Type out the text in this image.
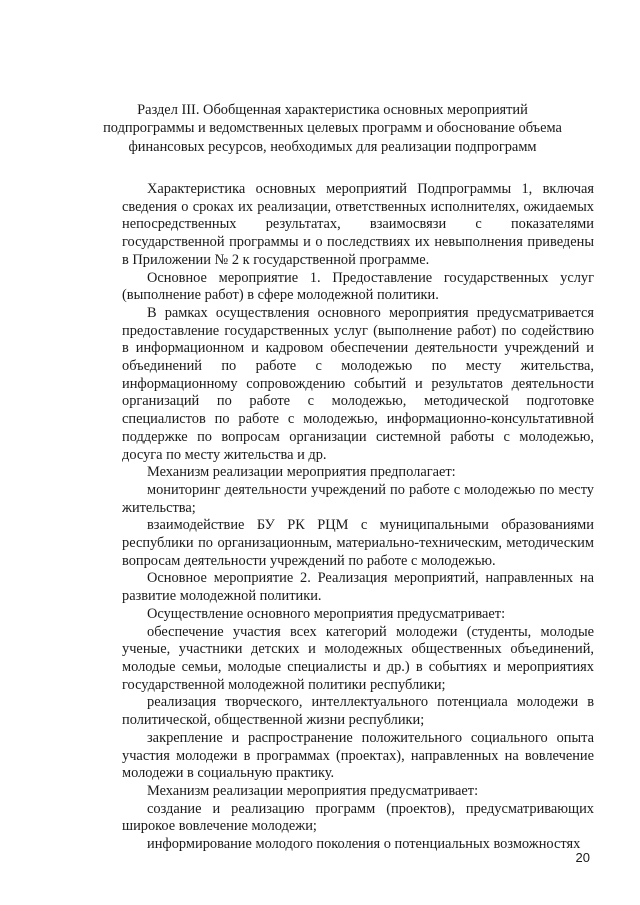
Раздел III. Обобщенная характеристика основных мероприятий
подпрограммы и ведомственных целевых программ и обоснование объема
финансовых ресурсов, необходимых для реализации подпрограмм

Характеристика основных мероприятий Подпрограммы 1, включая сведения о сроках их реализации, ответственных исполнителях, ожидаемых непосредственных результатах, взаимосвязи с показателями государственной программы и о последствиях их невыполнения приведены в Приложении № 2 к государственной программе.

Основное мероприятие 1. Предоставление государственных услуг (выполнение работ) в сфере молодежной политики.

В рамках осуществления основного мероприятия предусматривается предоставление государственных услуг (выполнение работ) по содействию в информационном и кадровом обеспечении деятельности учреждений и объединений по работе с молодежью по месту жительства, информационному сопровождению событий и результатов деятельности организаций по работе с молодежью, методической подготовке специалистов по работе с молодежью, информационно-консультативной поддержке по вопросам организации системной работы с молодежью, досуга по месту жительства и др.

Механизм реализации мероприятия предполагает:

мониторинг деятельности учреждений по работе с молодежью по месту жительства;

взаимодействие БУ РК РЦМ с муниципальными образованиями республики по организационным, материально-техническим, методическим вопросам деятельности учреждений по работе с молодежью.

Основное мероприятие 2. Реализация мероприятий, направленных на развитие молодежной политики.

Осуществление основного мероприятия предусматривает:

обеспечение участия всех категорий молодежи (студенты, молодые ученые, участники детских и молодежных общественных объединений, молодые семьи, молодые специалисты и др.) в событиях и мероприятиях государственной молодежной политики республики;

реализация творческого, интеллектуального потенциала молодежи в политической, общественной жизни республики;

закрепление и распространение положительного социального опыта участия молодежи в программах (проектах), направленных на вовлечение молодежи в социальную практику.

Механизм реализации мероприятия предусматривает:

создание и реализацию программ (проектов), предусматривающих широкое вовлечение молодежи;

информирование молодого поколения о потенциальных возможностях

20
